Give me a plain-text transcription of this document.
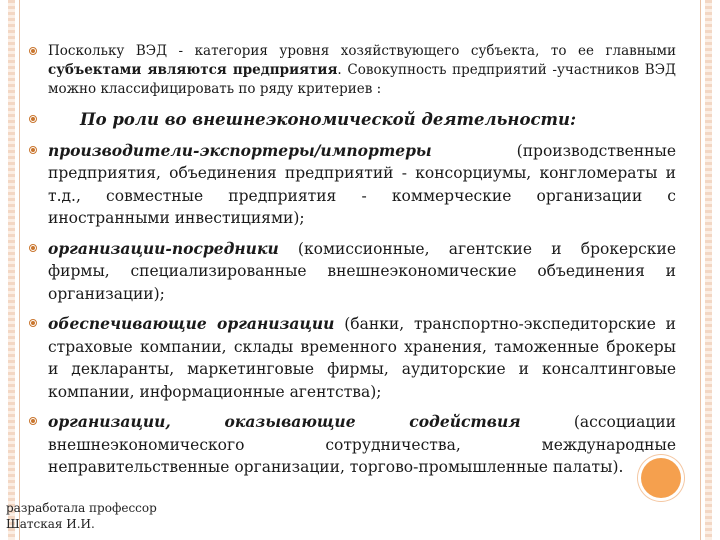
Поскольку ВЭД - категория уровня хозяйствующего субъекта, то ее главными субъектами являются предприятия. Совокупность предприятий -участников ВЭД можно классифицировать по ряду критериев :
По роли во внешнеэкономической деятельности:
производители-экспортеры/импортеры (производственные предприятия, объединения предприятий - консорциумы, конгломераты и т.д., совместные предприятия - коммерческие организации с иностранными инвестициями);
организации-посредники (комиссионные, агентские и брокерские фирмы, специализированные внешнеэкономические объединения и организации);
обеспечивающие организации (банки, транспортно-экспедиторские и страховые компании, склады временного хранения, таможенные брокеры и декларанты, маркетинговые фирмы, аудиторские и консалтинговые компании, информационные агентства);
организации, оказывающие содействия (ассоциации внешнеэкономического сотрудничества, международные неправительственные организации, торгово-промышленные палаты).
разработала профессор Шатская И.И.
